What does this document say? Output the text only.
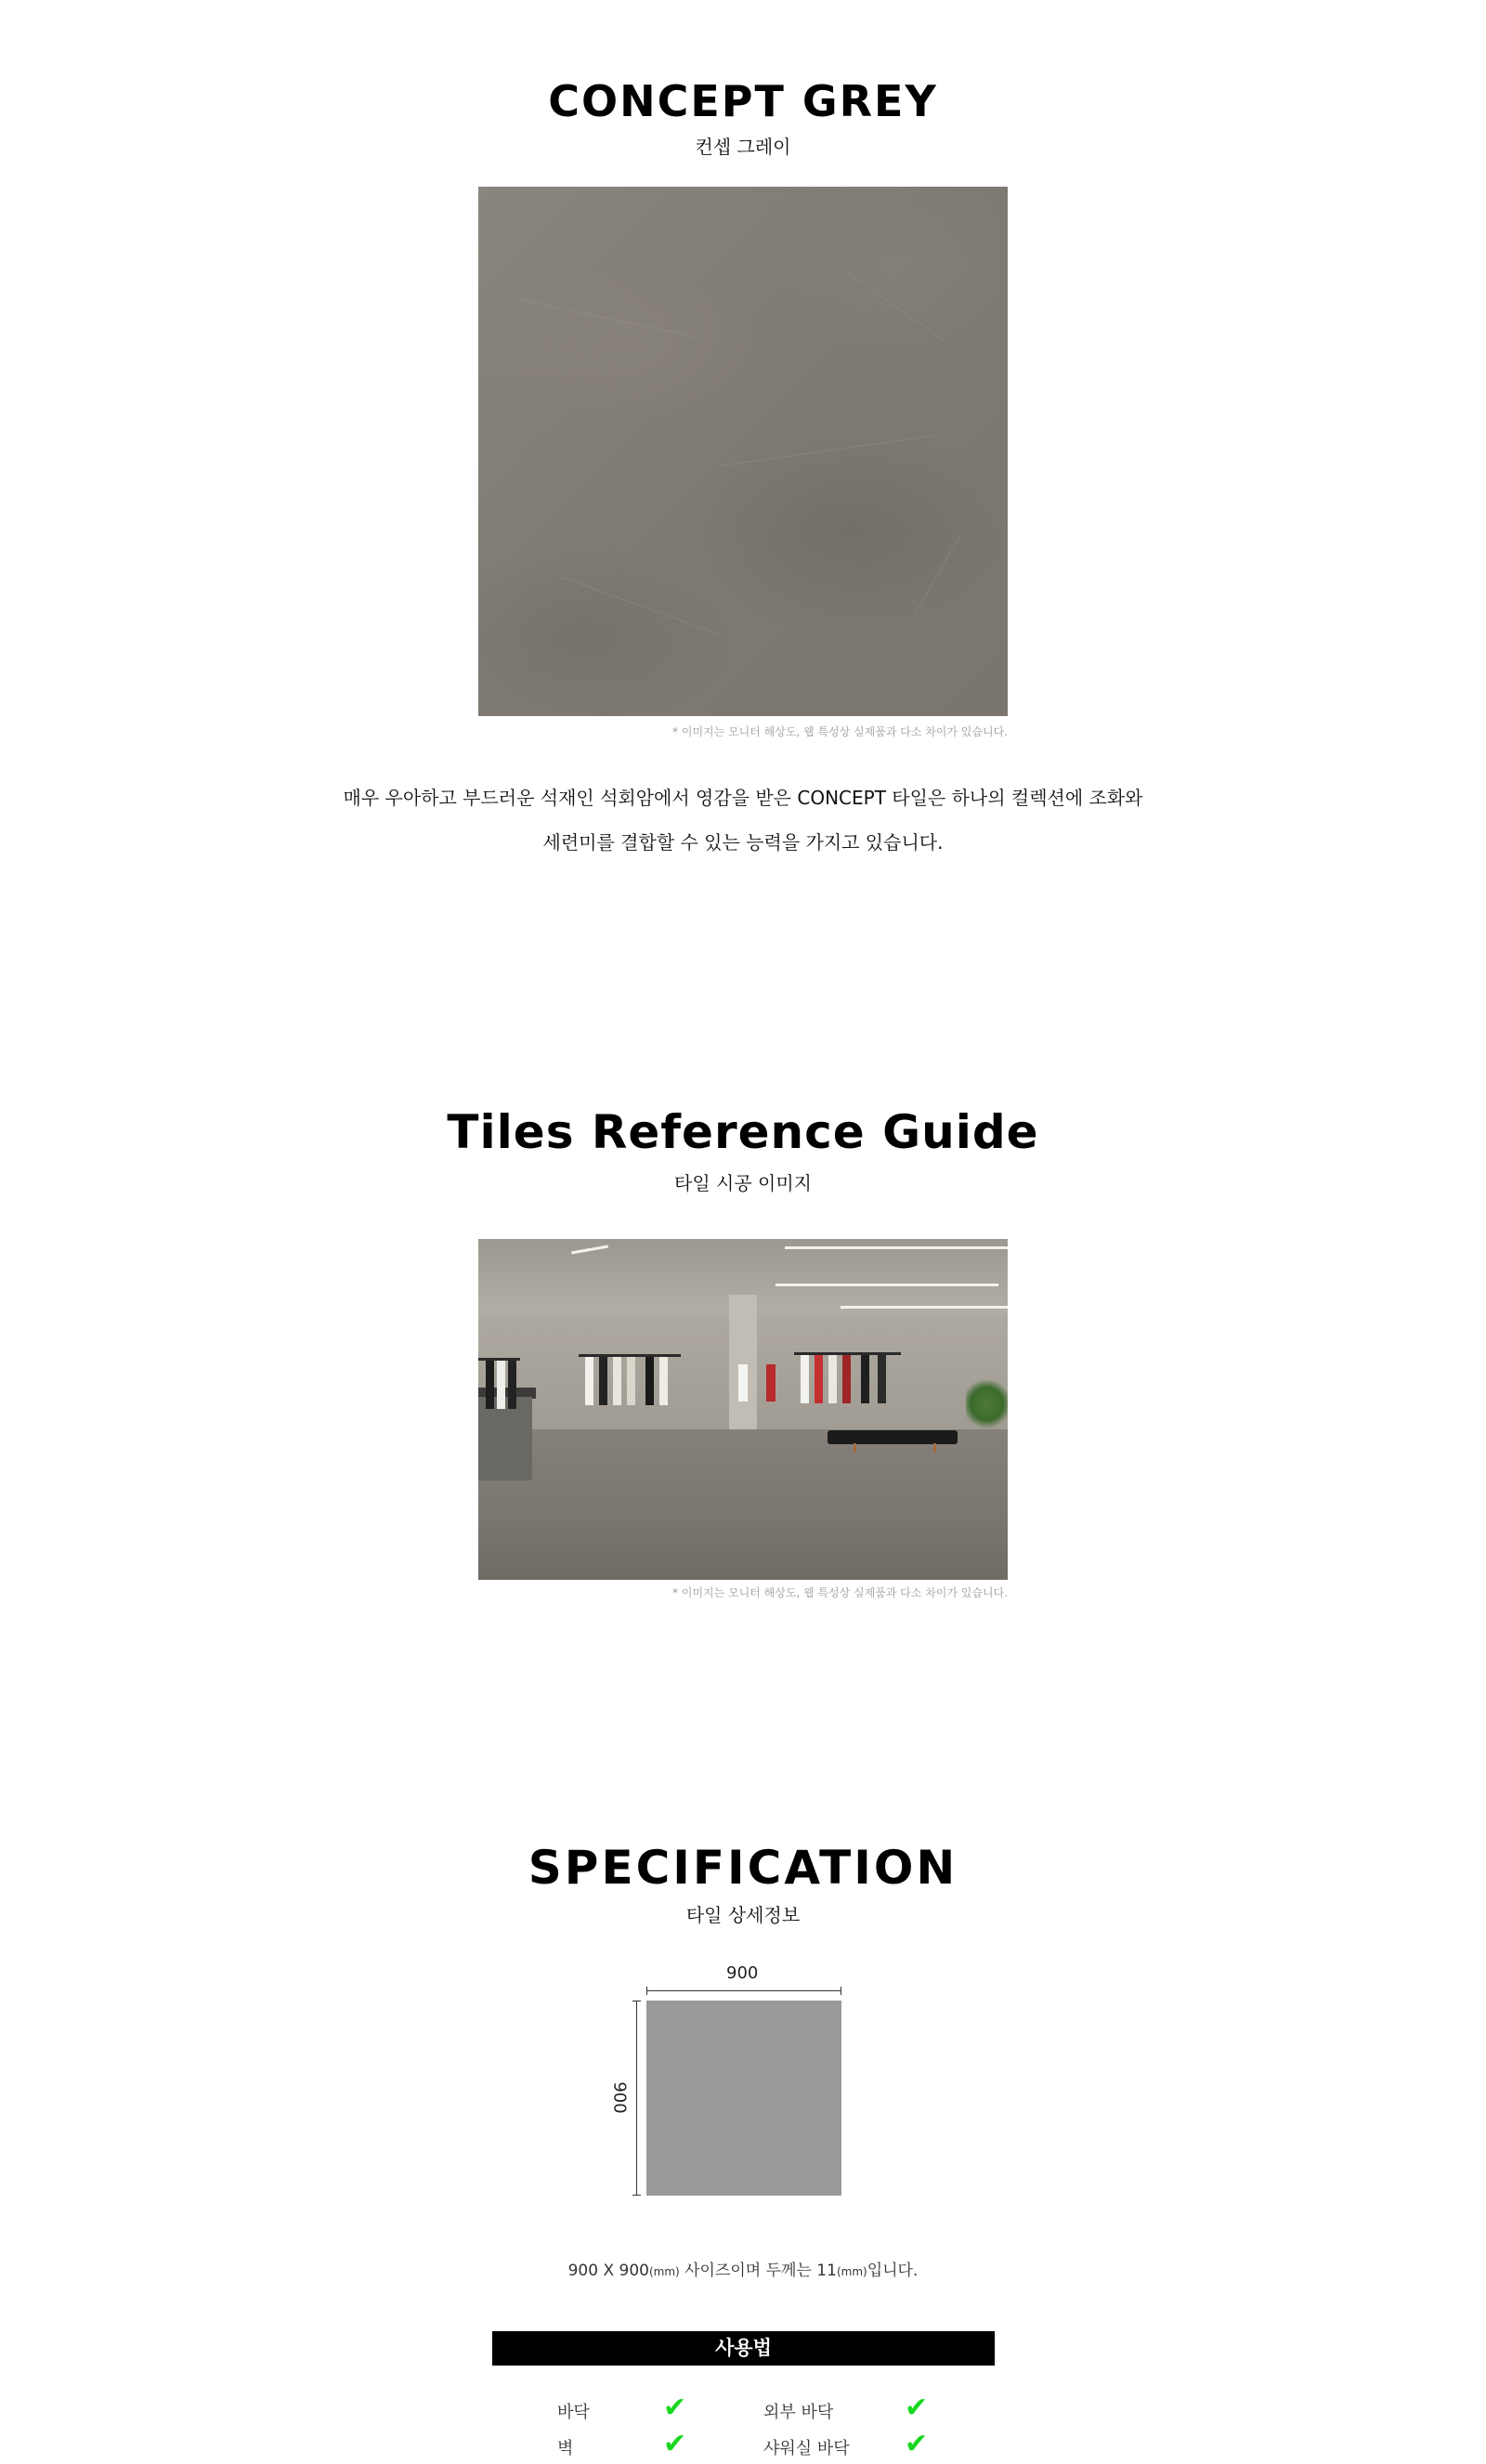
CONCEPT GREY
컨셉 그레이
* 이미지는 모니터 해상도, 웹 특성상 실제품과 다소 차이가 있습니다.
매우 우아하고 부드러운 석재인 석회암에서 영감을 받은 CONCEPT 타일은 하나의 컬렉션에 조화와
세련미를 결합할 수 있는 능력을 가지고 있습니다.
Tiles Reference Guide
타일 시공 이미지
* 이미지는 모니터 해상도, 웹 특성상 실제품과 다소 차이가 있습니다.
SPECIFICATION
타일 상세정보
900
900
900 X 900(mm) 사이즈이며 두께는 11(mm)입니다.
사용법
바닥	✔	외부 바닥	✔
벽	✔	샤워실 바닥 ✔
